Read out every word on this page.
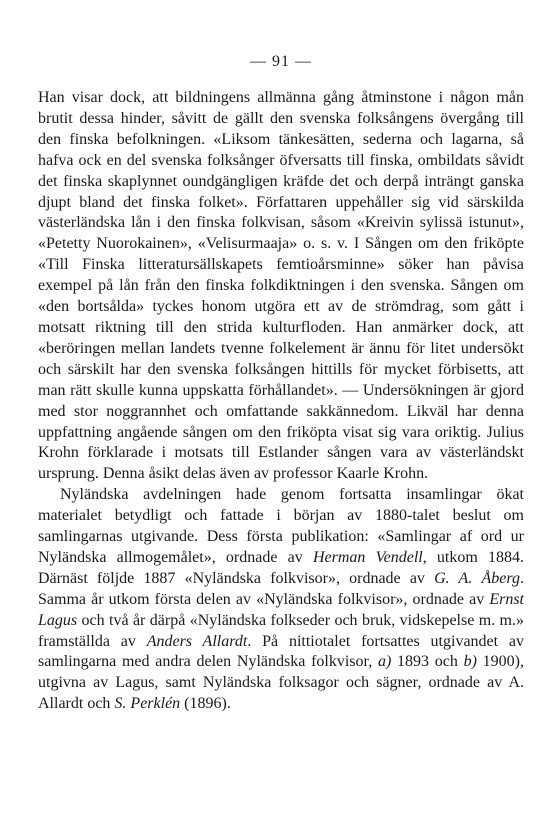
— 91 —

Han visar dock, att bildningens allmänna gång åtminstone i någon mån brutit dessa hinder, såvitt de gällt den svenska folksångens övergång till den finska befolkningen. «Liksom tänkesätten, sederna och lagarna, så hafva ock en del svenska folksånger öfversatts till finska, ombildats såvidt det finska skaplynnet oundgängligen kräfde det och derpå inträngt ganska djupt bland det finska folket». Författaren uppehåller sig vid särskilda västerländska lån i den finska folkvisan, såsom «Kreivin sylissä istunut», «Petetty Nuorokainen», «Velisurmaaja» o. s. v. I Sången om den friköpte «Till Finska litteratursällskapets femtioårsminne» söker han påvisa exempel på lån från den finska folkdiktningen i den svenska. Sången om «den bortsålda» tyckes honom utgöra ett av de strömdrag, som gått i motsatt riktning till den strida kulturfloden. Han anmärker dock, att «beröringen mellan landets tvenne folkelement är ännu för litet undersökt och särskilt har den svenska folksången hittills för mycket förbisetts, att man rätt skulle kunna uppskatta förhållandet». — Undersökningen är gjord med stor noggrannhet och omfattande sakkännedom. Likväl har denna uppfattning angående sången om den friköpta visat sig vara oriktig. Julius Krohn förklarade i motsats till Estlander sången vara av västerländskt ursprung. Denna åsikt delas även av professor Kaarle Krohn.

Nyländska avdelningen hade genom fortsatta insamlingar ökat materialet betydligt och fattade i början av 1880-talet beslut om samlingarnas utgivande. Dess första publikation: «Samlingar af ord ur Nyländska allmogemålet», ordnade av Herman Vendell, utkom 1884. Därnäst följde 1887 «Nyländska folkvisor», ordnade av G. A. Åberg. Samma år utkom första delen av «Nyländska folkvisor», ordnade av Ernst Lagus och två år därpå «Nyländska folkseder och bruk, vidskepelse m. m.» framställda av Anders Allardt. På nittiotalet fortsattes utgivandet av samlingarna med andra delen Nyländska folkvisor, a) 1893 och b) 1900), utgivna av Lagus, samt Nyländska folksagor och sägner, ordnade av A. Allardt och S. Perklén (1896).
